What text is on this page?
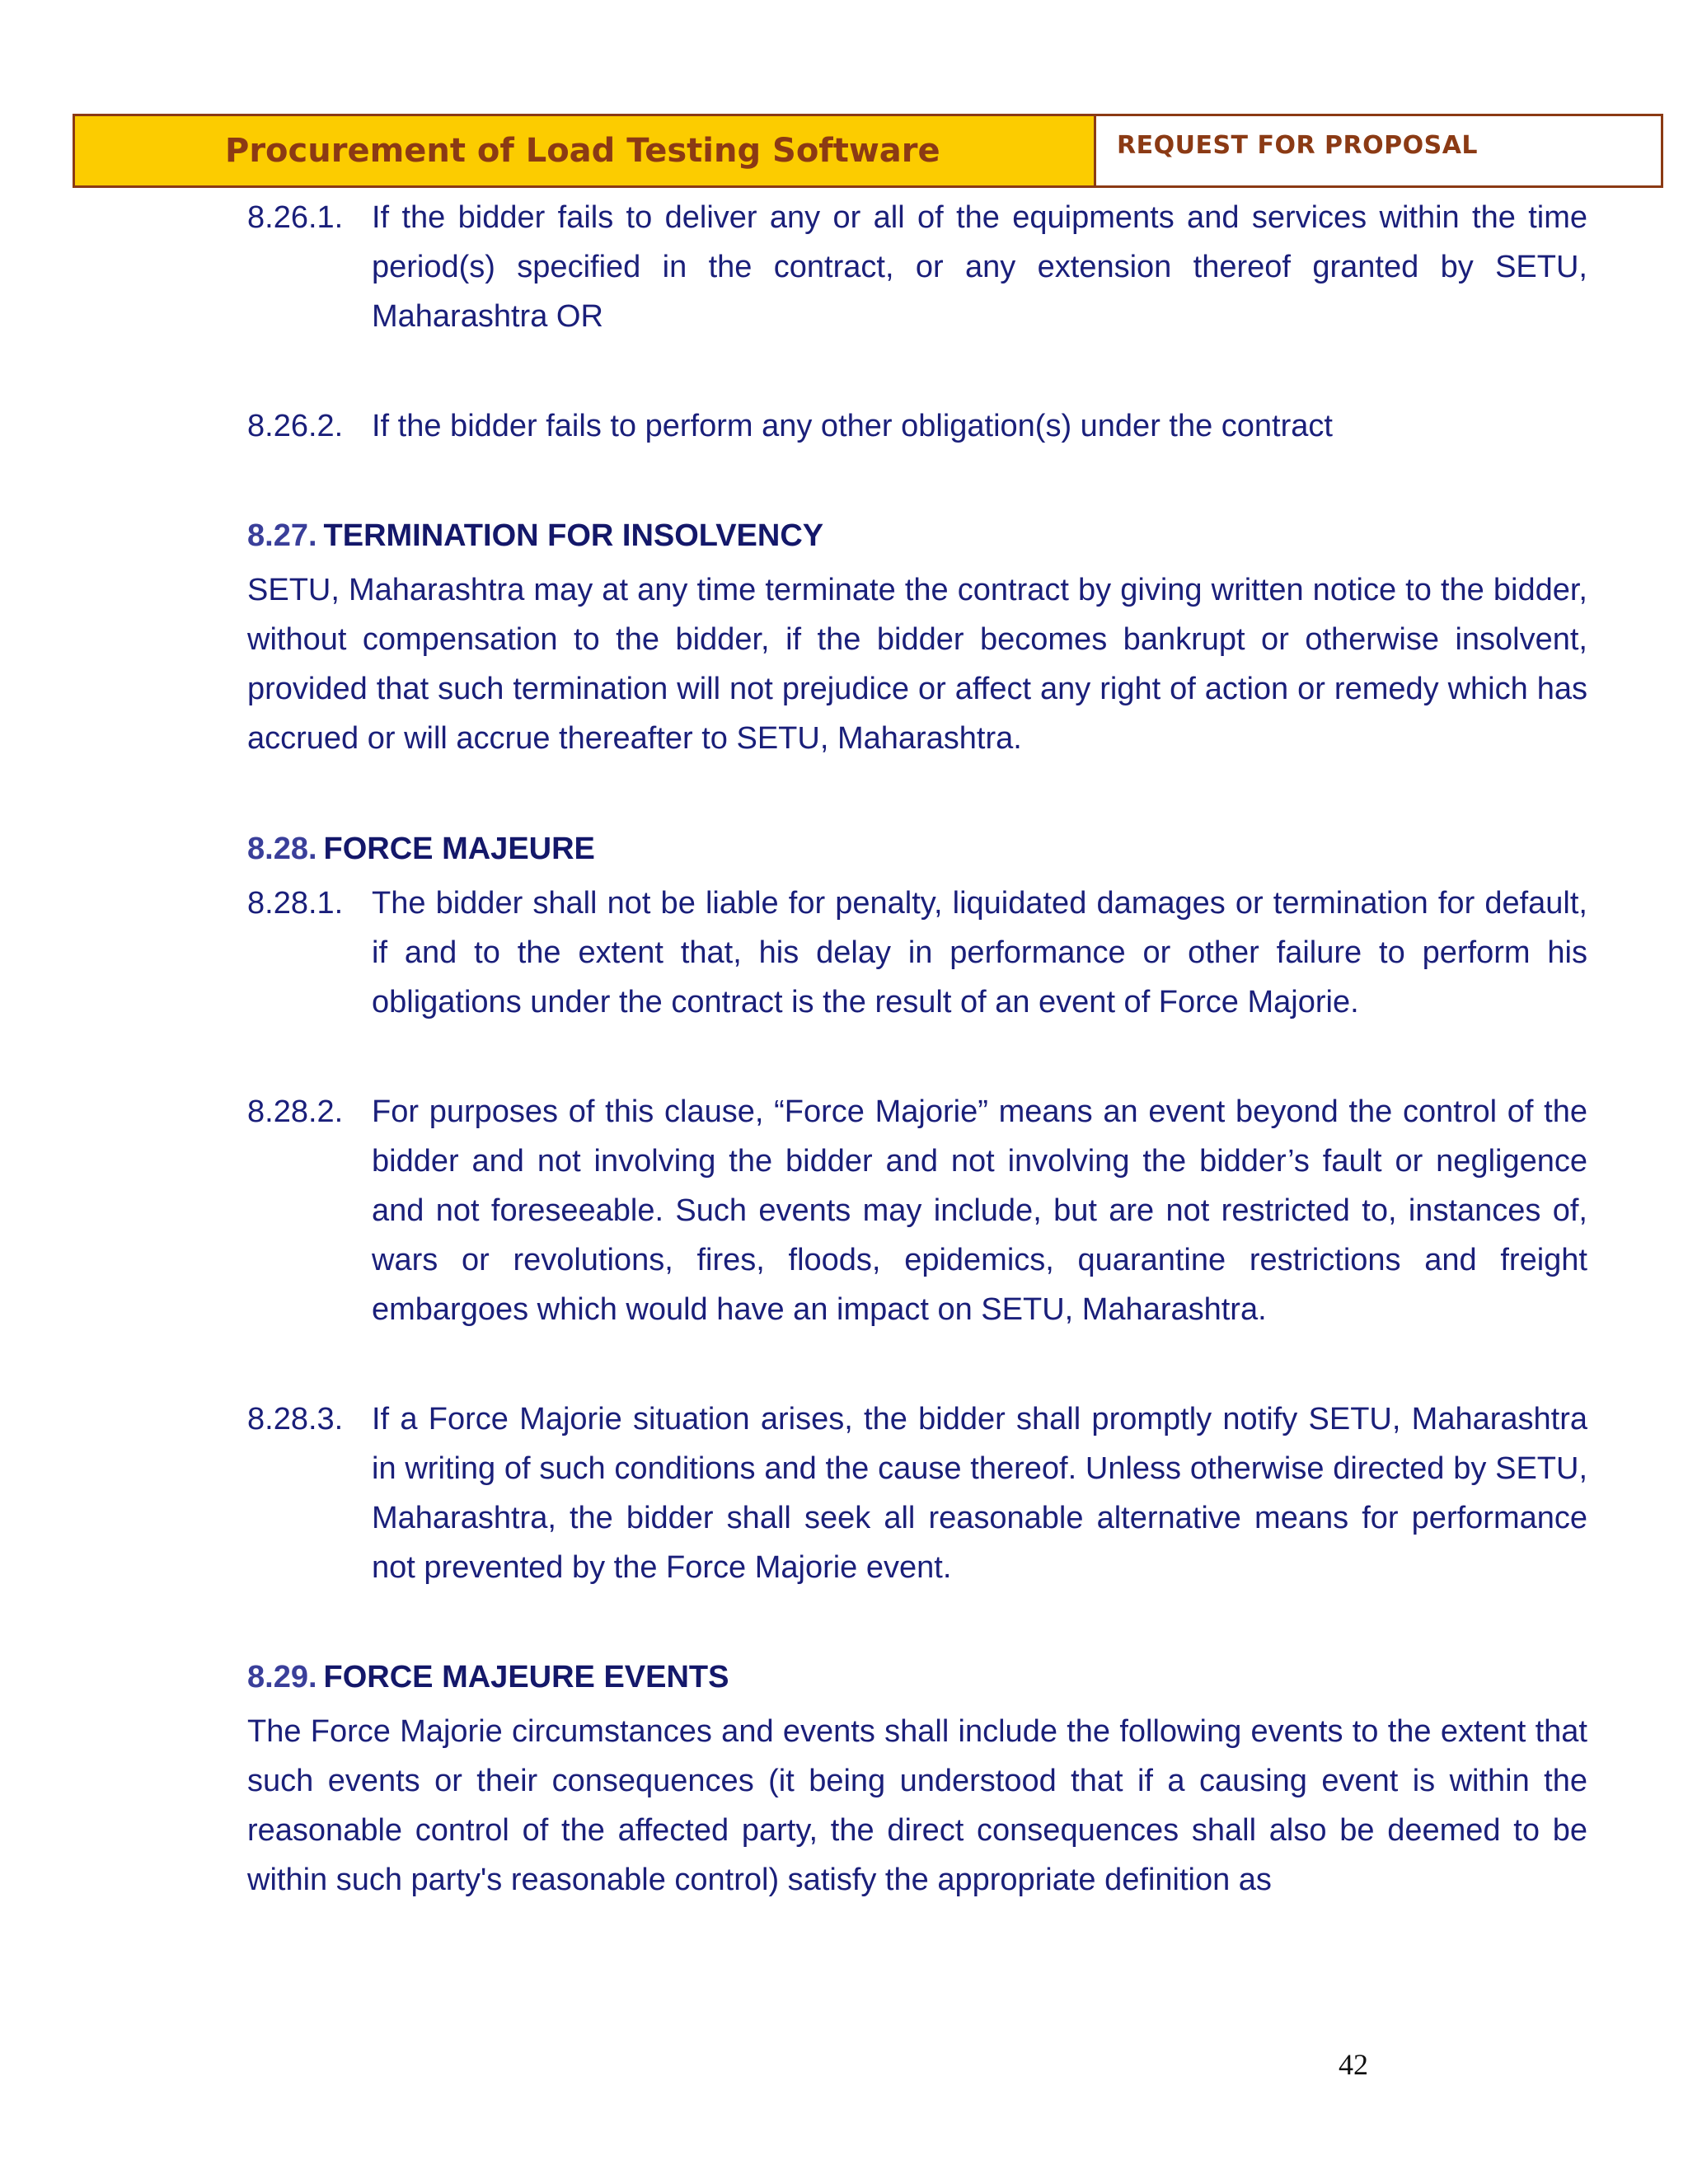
Procurement of Load Testing Software	REQUEST FOR PROPOSAL
8.26.1. If the bidder fails to deliver any or all of the equipments and services within the time period(s) specified in the contract, or any extension thereof granted by SETU, Maharashtra OR
8.26.2. If the bidder fails to perform any other obligation(s) under the contract
8.27. TERMINATION FOR INSOLVENCY
SETU, Maharashtra may at any time terminate the contract by giving written notice to the bidder, without compensation to the bidder, if the bidder becomes bankrupt or otherwise insolvent, provided that such termination will not prejudice or affect any right of action or remedy which has accrued or will accrue thereafter to SETU, Maharashtra.
8.28. FORCE MAJEURE
8.28.1. The bidder shall not be liable for penalty, liquidated damages or termination for default, if and to the extent that, his delay in performance or other failure to perform his obligations under the contract is the result of an event of Force Majorie.
8.28.2. For purposes of this clause, “Force Majorie” means an event beyond the control of the bidder and not involving the bidder and not involving the bidder’s fault or negligence and not foreseeable. Such events may include, but are not restricted to, instances of, wars or revolutions, fires, floods, epidemics, quarantine restrictions and freight embargoes which would have an impact on SETU, Maharashtra.
8.28.3. If a Force Majorie situation arises, the bidder shall promptly notify SETU, Maharashtra in writing of such conditions and the cause thereof. Unless otherwise directed by SETU, Maharashtra, the bidder shall seek all reasonable alternative means for performance not prevented by the Force Majorie event.
8.29. FORCE MAJEURE EVENTS
The Force Majorie circumstances and events shall include the following events to the extent that such events or their consequences (it being understood that if a causing event is within the reasonable control of the affected party, the direct consequences shall also be deemed to be within such party's reasonable control) satisfy the appropriate definition as
42
